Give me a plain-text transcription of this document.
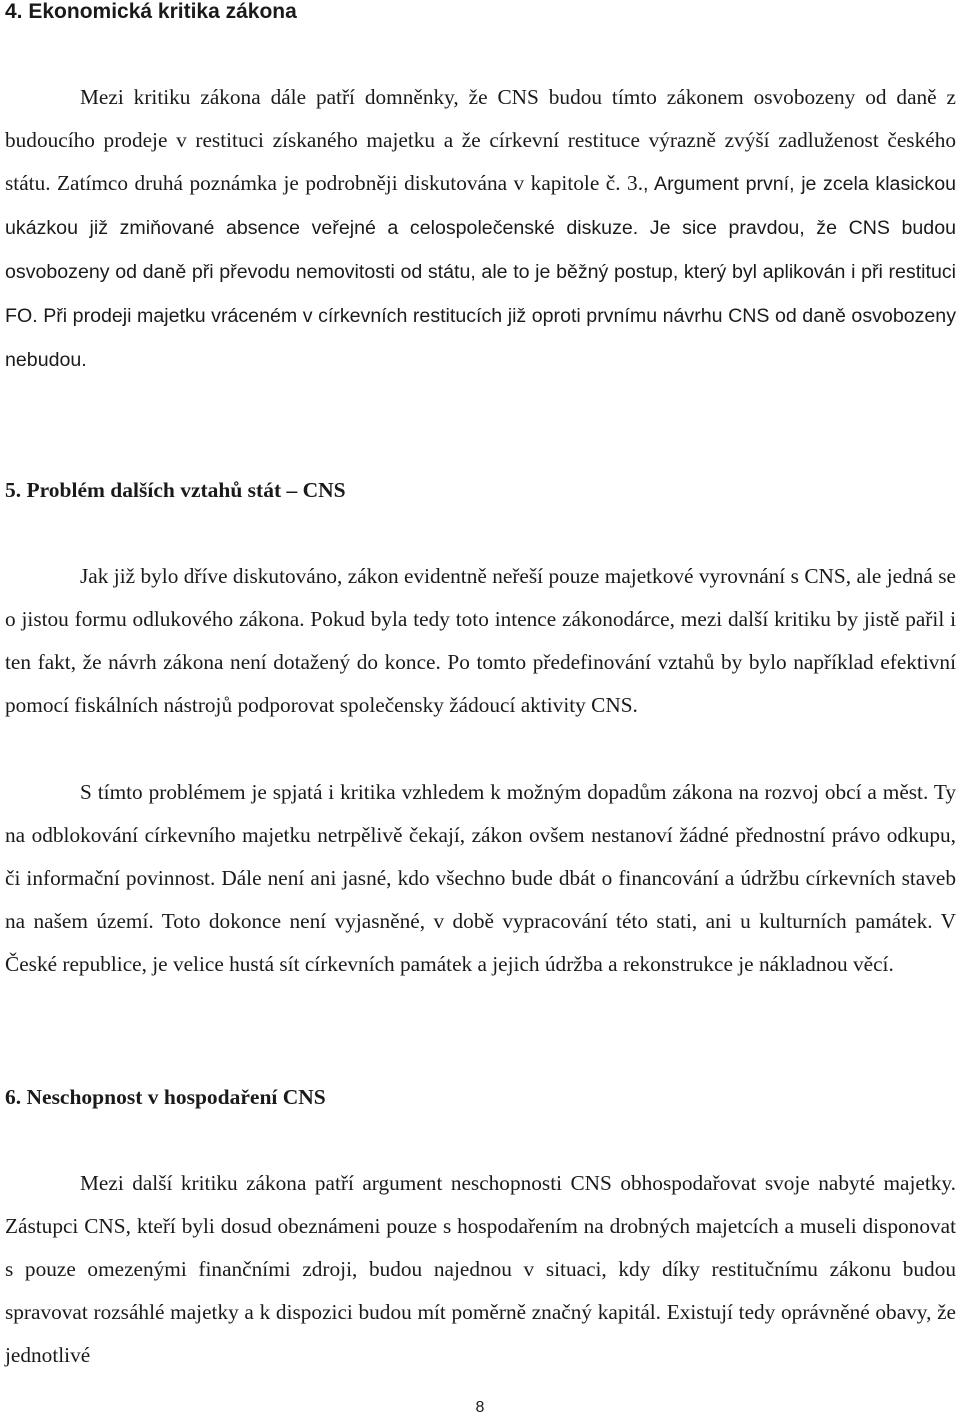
4. Ekonomická kritika zákona

Mezi kritiku zákona dále patří domněnky, že CNS budou tímto zákonem osvobozeny od daně z budoucího prodeje v restituci získaného majetku a že církevní restituce výrazně zvýší zadluženost českého státu. Zatímco druhá poznámka je podrobněji diskutována v kapitole č. 3., Argument první, je zcela klasickou ukázkou již zmiňované absence veřejné a celospolečenské diskuze. Je sice pravdou, že CNS budou osvobozeny od daně při převodu nemovitosti od státu, ale to je běžný postup, který byl aplikován i při restituci FO. Při prodeji majetku vráceném v církevních restitucích již oproti prvnímu návrhu CNS od daně osvobozeny nebudou.

5. Problém dalších vztahů stát – CNS

Jak již bylo dříve diskutováno, zákon evidentně neřeší pouze majetkové vyrovnání s CNS, ale jedná se o jistou formu odlukového zákona. Pokud byla tedy toto intence zákonodárce, mezi další kritiku by jistě pařil i ten fakt, že návrh zákona není dotažený do konce. Po tomto předefinování vztahů by bylo například efektivní pomocí fiskálních nástrojů podporovat společensky žádoucí aktivity CNS.

S tímto problémem je spjatá i kritika vzhledem k možným dopadům zákona na rozvoj obcí a měst. Ty na odblokování církevního majetku netrpělivě čekají, zákon ovšem nestanoví žádné přednostní právo odkupu, či informační povinnost. Dále není ani jasné, kdo všechno bude dbát o financování a údržbu církevních staveb na našem území. Toto dokonce není vyjasněné, v době vypracování této stati, ani u kulturních památek. V České republice, je velice hustá sít církevních památek a jejich údržba a rekonstrukce je nákladnou věcí.

6. Neschopnost v hospodaření CNS

Mezi další kritiku zákona patří argument neschopnosti CNS obhospodařovat svoje nabyté majetky. Zástupci CNS, kteří byli dosud obeznámeni pouze s hospodařením na drobných majetcích a museli disponovat s pouze omezenými finančními zdroji, budou najednou v situaci, kdy díky restitučnímu zákonu budou spravovat rozsáhlé majetky a k dispozici budou mít poměrně značný kapitál. Existují tedy oprávněné obavy, že jednotlivé

8
